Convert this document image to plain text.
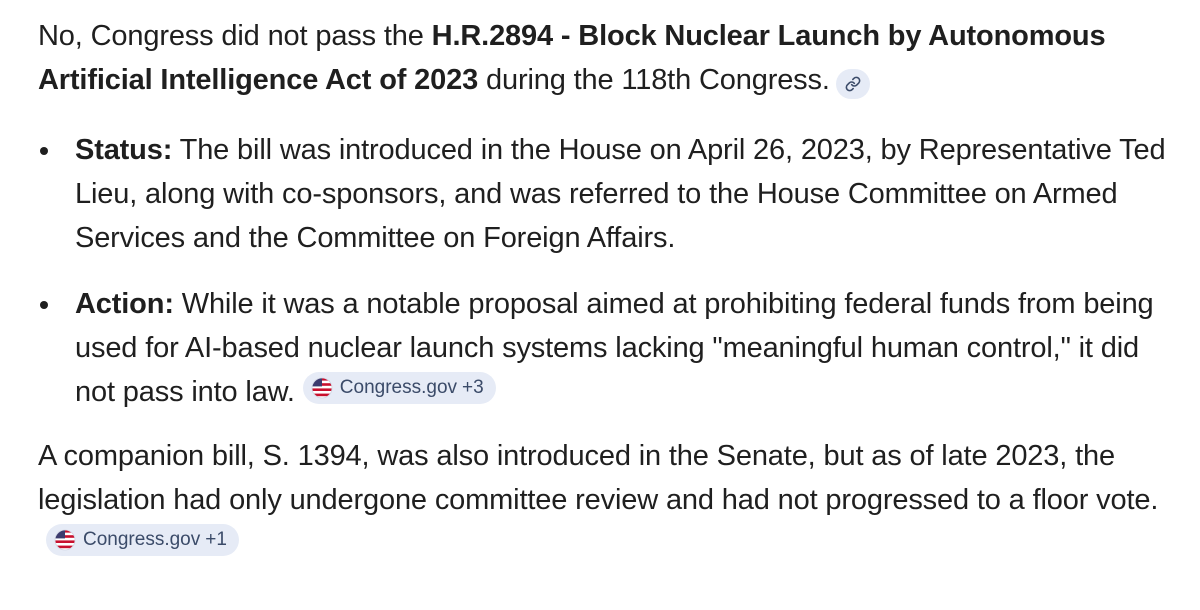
No, Congress did not pass the H.R.2894 - Block Nuclear Launch by Autonomous Artificial Intelligence Act of 2023 during the 118th Congress.

Status: The bill was introduced in the House on April 26, 2023, by Representative Ted Lieu, along with co-sponsors, and was referred to the House Committee on Armed Services and the Committee on Foreign Affairs.
Action: While it was a notable proposal aimed at prohibiting federal funds from being used for AI-based nuclear launch systems lacking "meaningful human control," it did not pass into law. Congress.gov +3

A companion bill, S. 1394, was also introduced in the Senate, but as of late 2023, the legislation had only undergone committee review and had not progressed to a floor vote.
Congress.gov +1
